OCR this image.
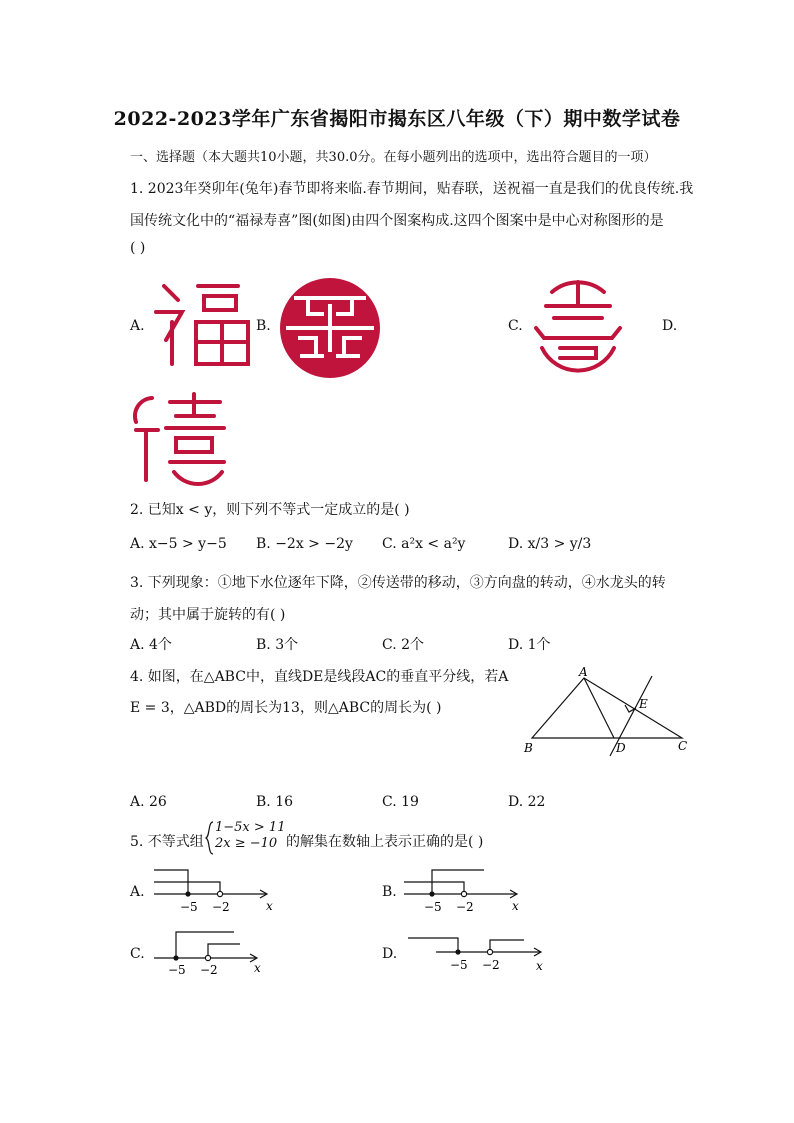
2022-2023学年广东省揭阳市揭东区八年级（下）期中数学试卷
一、选择题（本大题共10小题，共30.0分。在每小题列出的选项中，选出符合题目的一项）
1. 2023年癸卯年(兔年)春节即将来临.春节期间，贴春联，送祝福一直是我们的优良传统.我
国传统文化中的“福禄寿喜”图(如图)由四个图案构成.这四个图案中是中心对称图形的是
( )
A.	B.	C.	D.
2. 已知x < y，则下列不等式一定成立的是( )
A. x−5 > y−5 B. −2x > −2y C. a²x < a²y	D. x/3 > y/3
3. 下列现象：①地下水位逐年下降，②传送带的移动，③方向盘的转动，④水龙头的转
动；其中属于旋转的有( )
A. 4个	B. 3个	C. 2个	D. 1个
4. 如图，在△ABC中，直线DE是线段AC的垂直平分线，若A
E = 3，△ABD的周长为13，则△ABC的周长为( )
A
B	C
D
E
A. 26	B. 16	C. 19	D. 22
5. 不等式组
1−5x > 11
2x ≥ −10 的解集在数轴上表示正确的是( )
A.
−5 −2	x
B.
−5 −2	x
C.
−5 −2	x
D.
−5 −2	x
